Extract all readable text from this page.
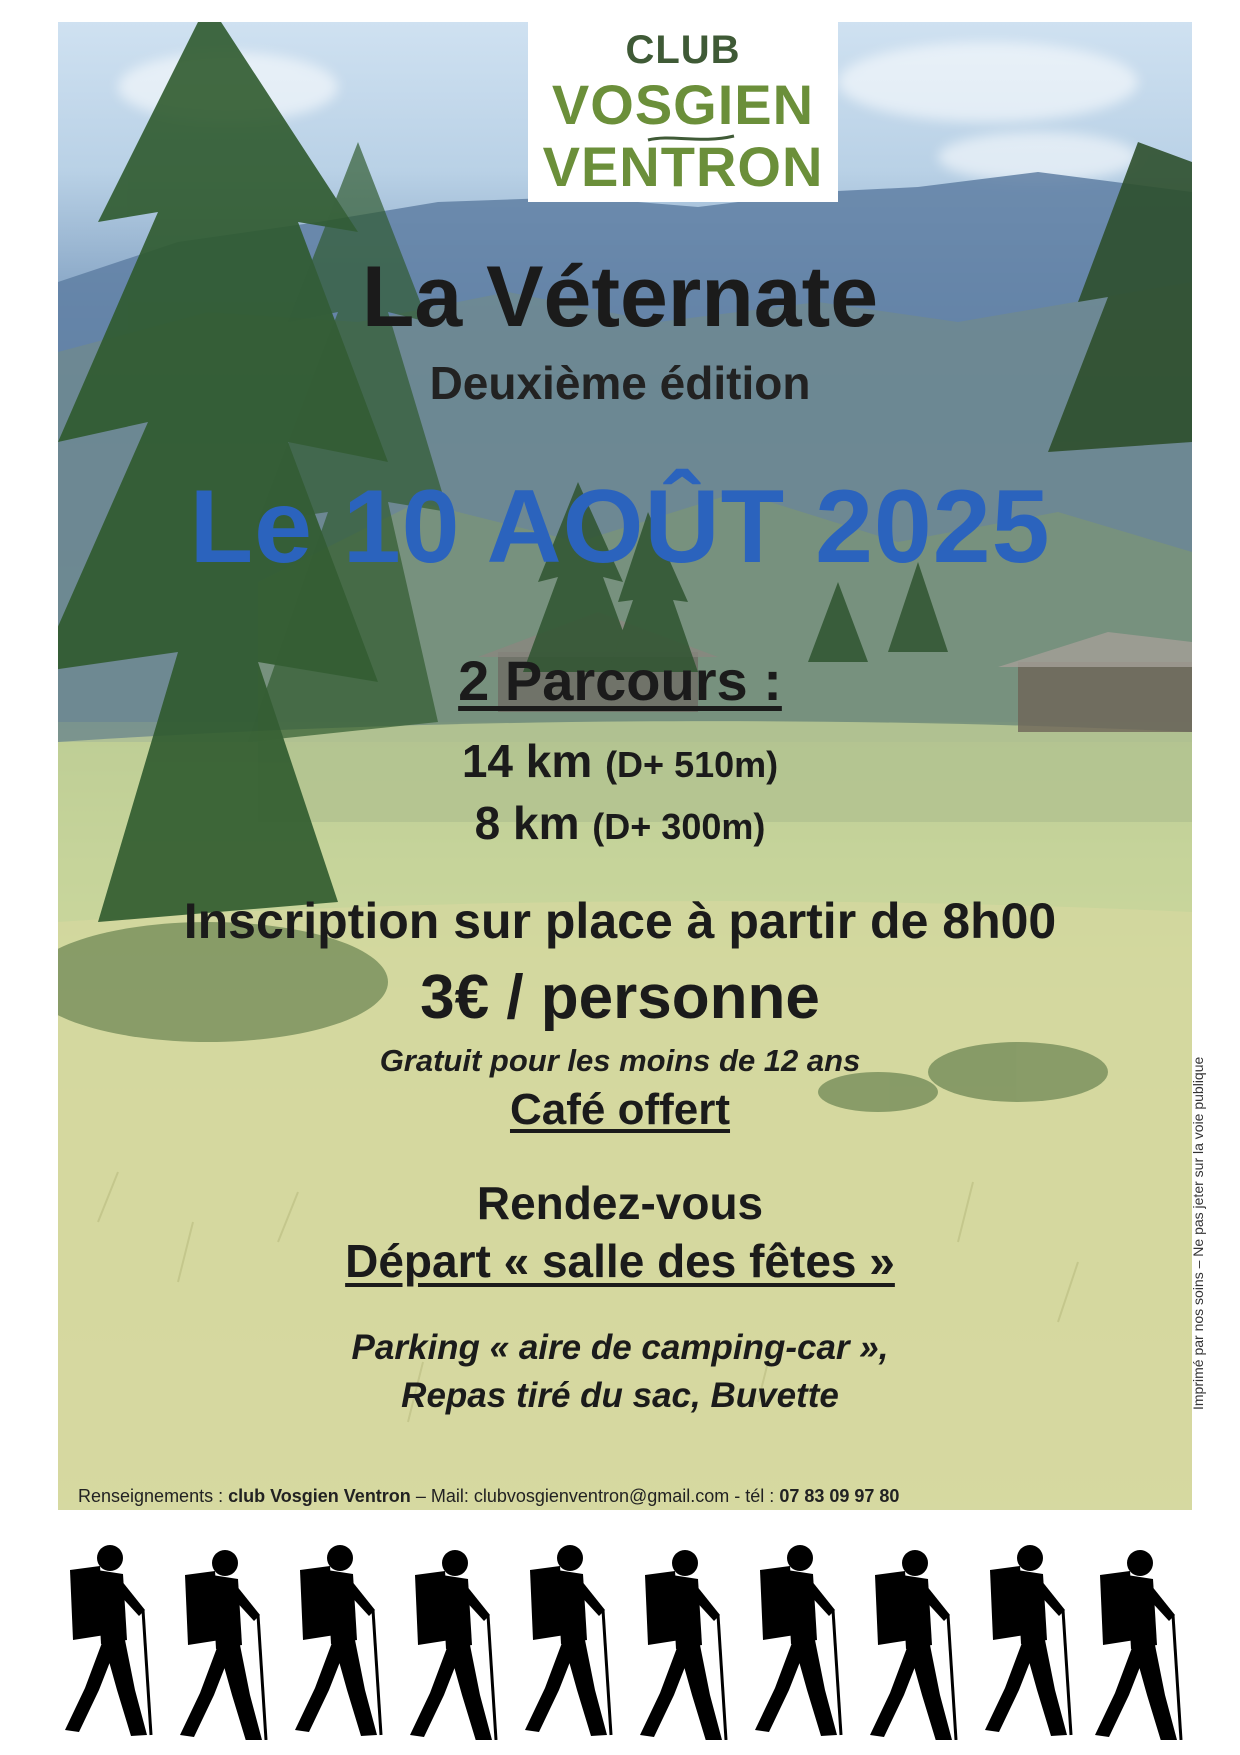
CLUB
VOSGIEN
VENTRON

La Véternate

Deuxième édition

Le 10 AOÛT 2025

2 Parcours :

14 km (D+ 510m)

8 km (D+ 300m)

Inscription sur place à partir de 8h00

3€ / personne

Gratuit pour les moins de 12 ans

Café offert

Rendez-vous

Départ « salle des fêtes »

Parking « aire de camping-car »,

Repas tiré du sac, Buvette

Renseignements : club Vosgien Ventron – Mail: clubvosgienventron@gmail.com - tél : 07 83 09 97 80

Imprimé par nos soins – Ne pas jeter sur la voie publique
